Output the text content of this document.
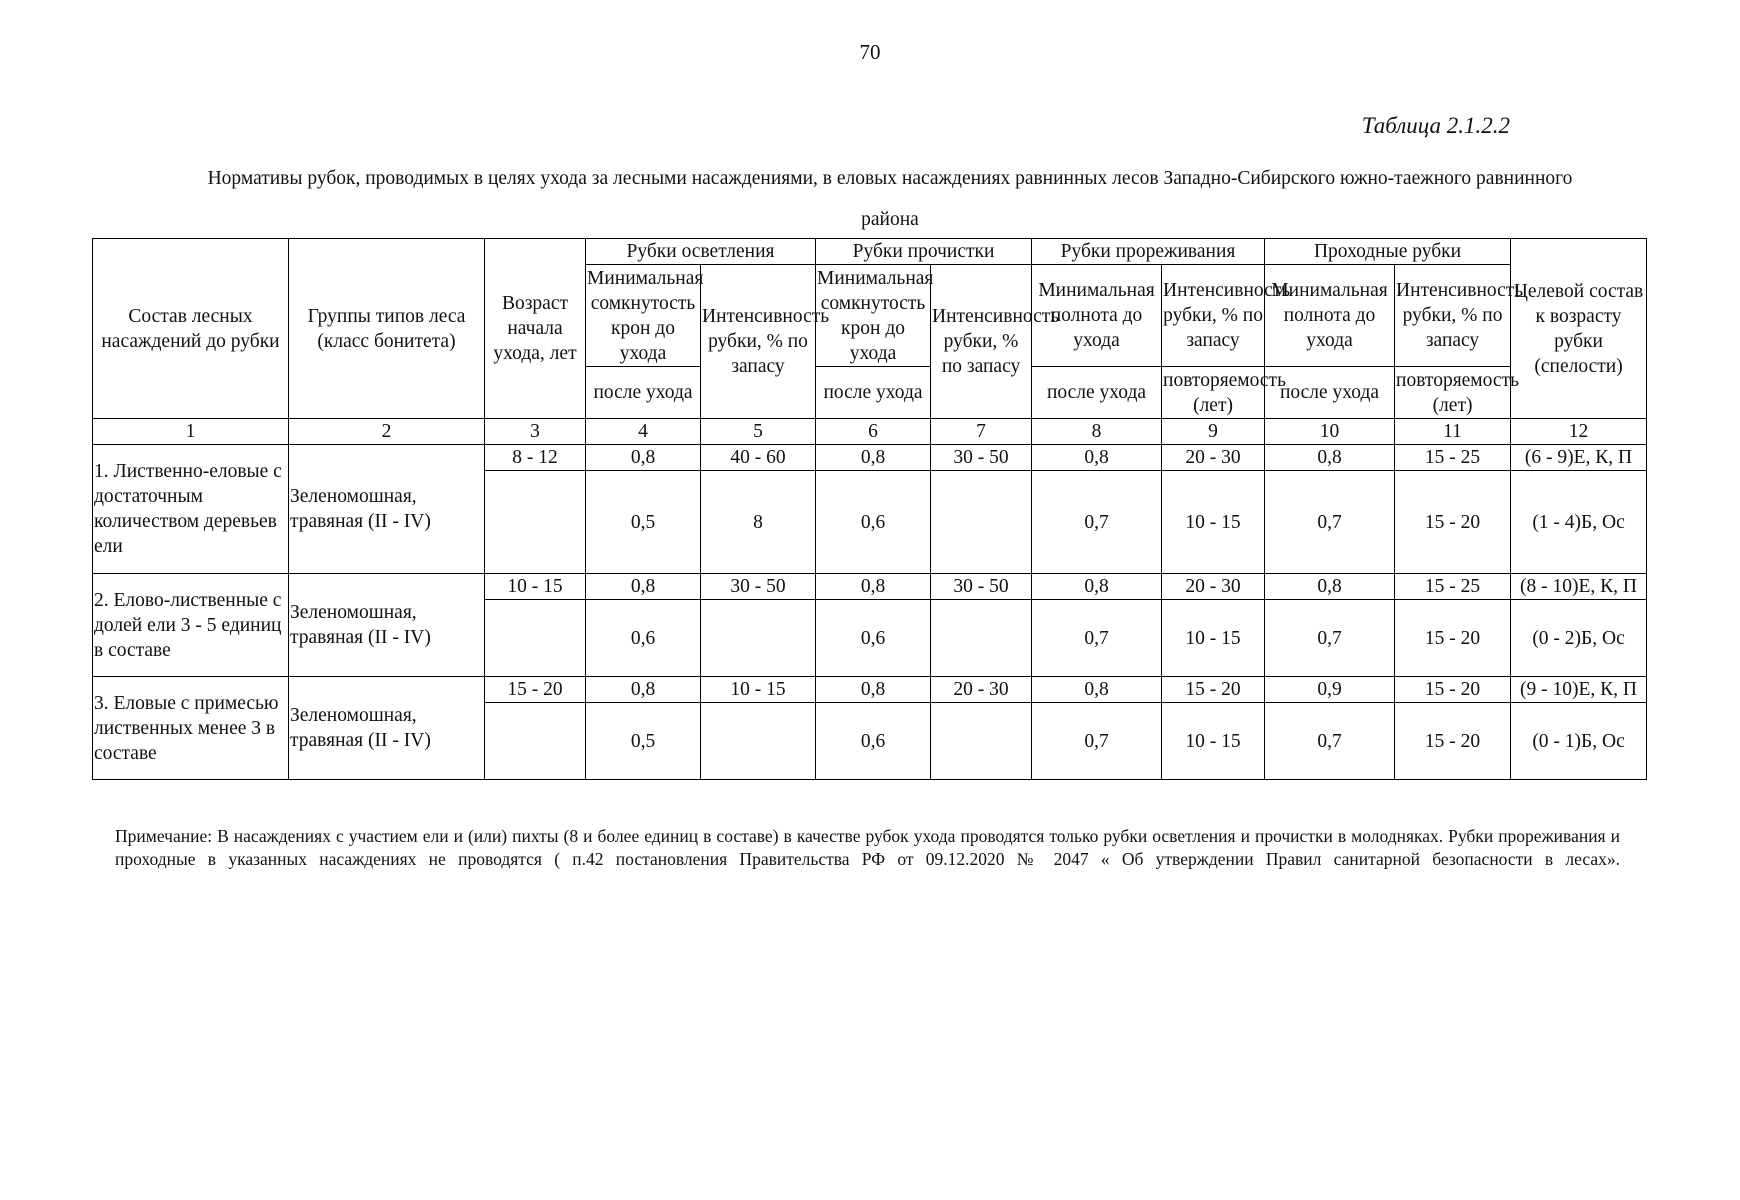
70
Таблица 2.1.2.2
Нормативы рубок, проводимых в целях ухода за лесными насаждениями, в еловых насаждениях равнинных лесов Западно-Сибирского южно-таежного равнинного района
Состав лесных насаждений до рубки	Группы типов леса (класс бонитета)	Возраст начала ухода, лет	Рубки осветления		Рубки прочистки		Рубки прореживания		Проходные рубки		Целевой состав к возрасту рубки (спелости)
			Минимальная сомкнутость крон до ухода	Интенсивность рубки, % по запасу	Минимальная сомкнутость крон до ухода	Интенсивность рубки, % по запасу	Минимальная полнота до ухода	Интенсивность рубки, % по запасу	Минимальная полнота до ухода	Интенсивность рубки, % по запасу	

			после ухода		после ухода		после ухода	повторяемость (лет)	после ухода	повторяемость (лет)	
1	2	3	4	5	6	7	8	9	10	11	12
1. Лиственно-еловые с достаточным количеством деревьев ели	Зеленомошная, травяная (II - IV)	8 - 12	0,8	40 - 60	0,8	30 - 50	0,8	20 - 30	0,8	15 - 25	(6 - 9)Е, К, П
			0,5	8	0,6		0,7	10 - 15	0,7	15 - 20	(1 - 4)Б, Ос
2. Елово-лиственные с долей ели 3 - 5 единиц в составе	Зеленомошная, травяная (II - IV)	10 - 15	0,8	30 - 50	0,8	30 - 50	0,8	20 - 30	0,8	15 - 25	(8 - 10)Е, К, П
			0,6		0,6		0,7	10 - 15	0,7	15 - 20	(0 - 2)Б, Ос
3. Еловые с примесью лиственных менее 3 в составе	Зеленомошная, травяная (II - IV)	15 - 20	0,8	10 - 15	0,8	20 - 30	0,8	15 - 20	0,9	15 - 20	(9 - 10)Е, К, П
			0,5		0,6		0,7	10 - 15	0,7	15 - 20	(0 - 1)Б, Ос
Примечание: В насаждениях с участием ели и (или) пихты (8 и более единиц в составе) в качестве рубок ухода проводятся только рубки осветления и прочистки в молодняках. Рубки прореживания и проходные в указанных насаждениях не проводятся ( п.42 постановления Правительства РФ от 09.12.2020 № 2047 « Об утверждении Правил санитарной безопасности в лесах».
